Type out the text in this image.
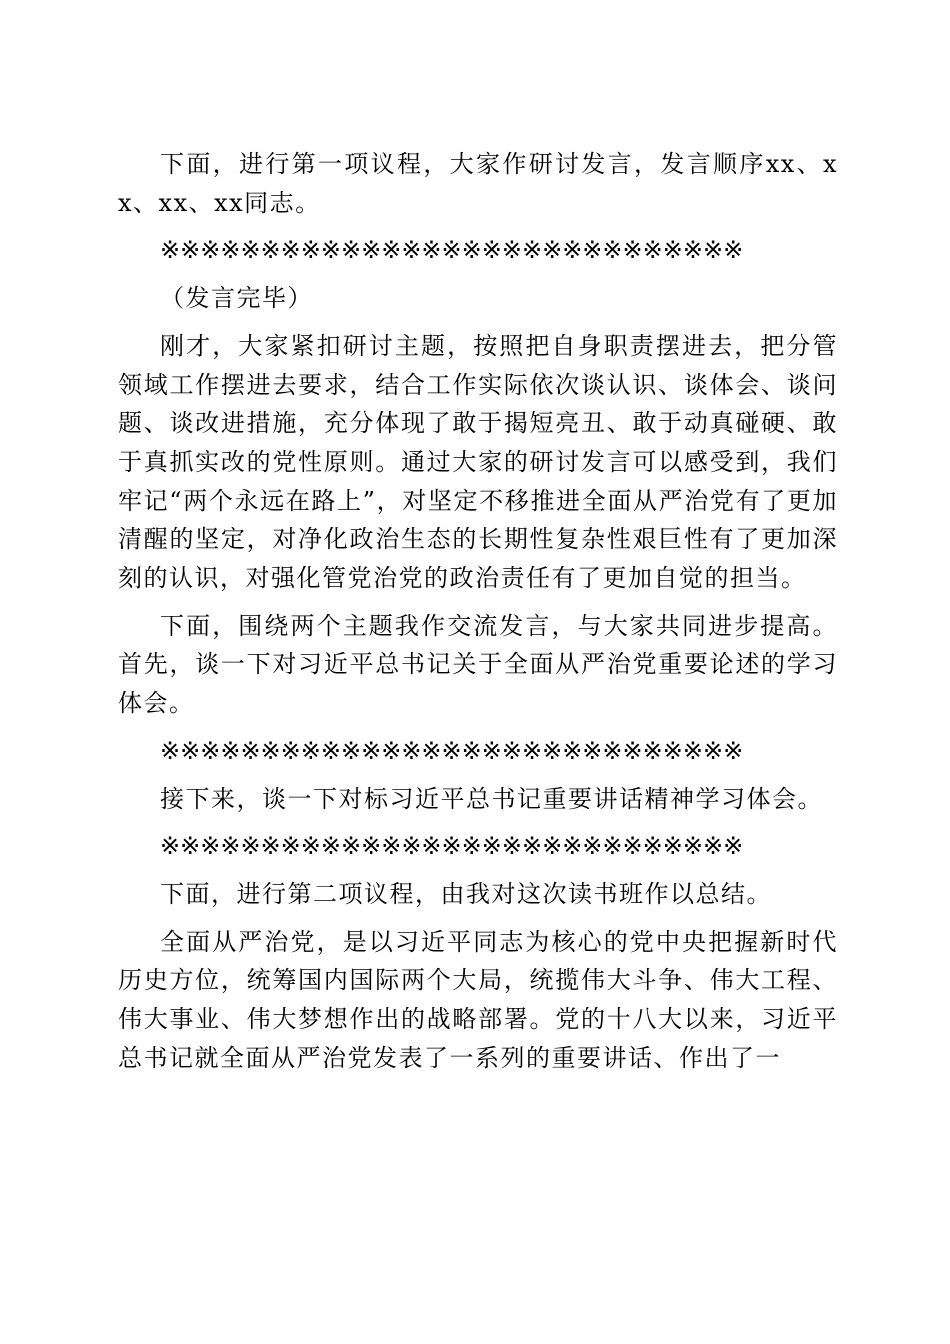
下面，进行第一项议程，大家作研讨发言，发言顺序xx、xx、xx、xx同志。

※※※※※※※※※※※※※※※※※※※※※※※※※※※※※

（发言完毕）

刚才，大家紧扣研讨主题，按照把自身职责摆进去，把分管领域工作摆进去要求，结合工作实际依次谈认识、谈体会、谈问题、谈改进措施，充分体现了敢于揭短亮丑、敢于动真碰硬、敢于真抓实改的党性原则。通过大家的研讨发言可以感受到，我们牢记“两个永远在路上”，对坚定不移推进全面从严治党有了更加清醒的坚定，对净化政治生态的长期性复杂性艰巨性有了更加深刻的认识，对强化管党治党的政治责任有了更加自觉的担当。

下面，围绕两个主题我作交流发言，与大家共同进步提高。首先，谈一下对习近平总书记关于全面从严治党重要论述的学习体会。

※※※※※※※※※※※※※※※※※※※※※※※※※※※※※

接下来，谈一下对标习近平总书记重要讲话精神学习体会。

※※※※※※※※※※※※※※※※※※※※※※※※※※※※※

下面，进行第二项议程，由我对这次读书班作以总结。

全面从严治党，是以习近平同志为核心的党中央把握新时代历史方位，统筹国内国际两个大局，统揽伟大斗争、伟大工程、伟大事业、伟大梦想作出的战略部署。党的十八大以来，习近平总书记就全面从严治党发表了一系列的重要讲话、作出了一
